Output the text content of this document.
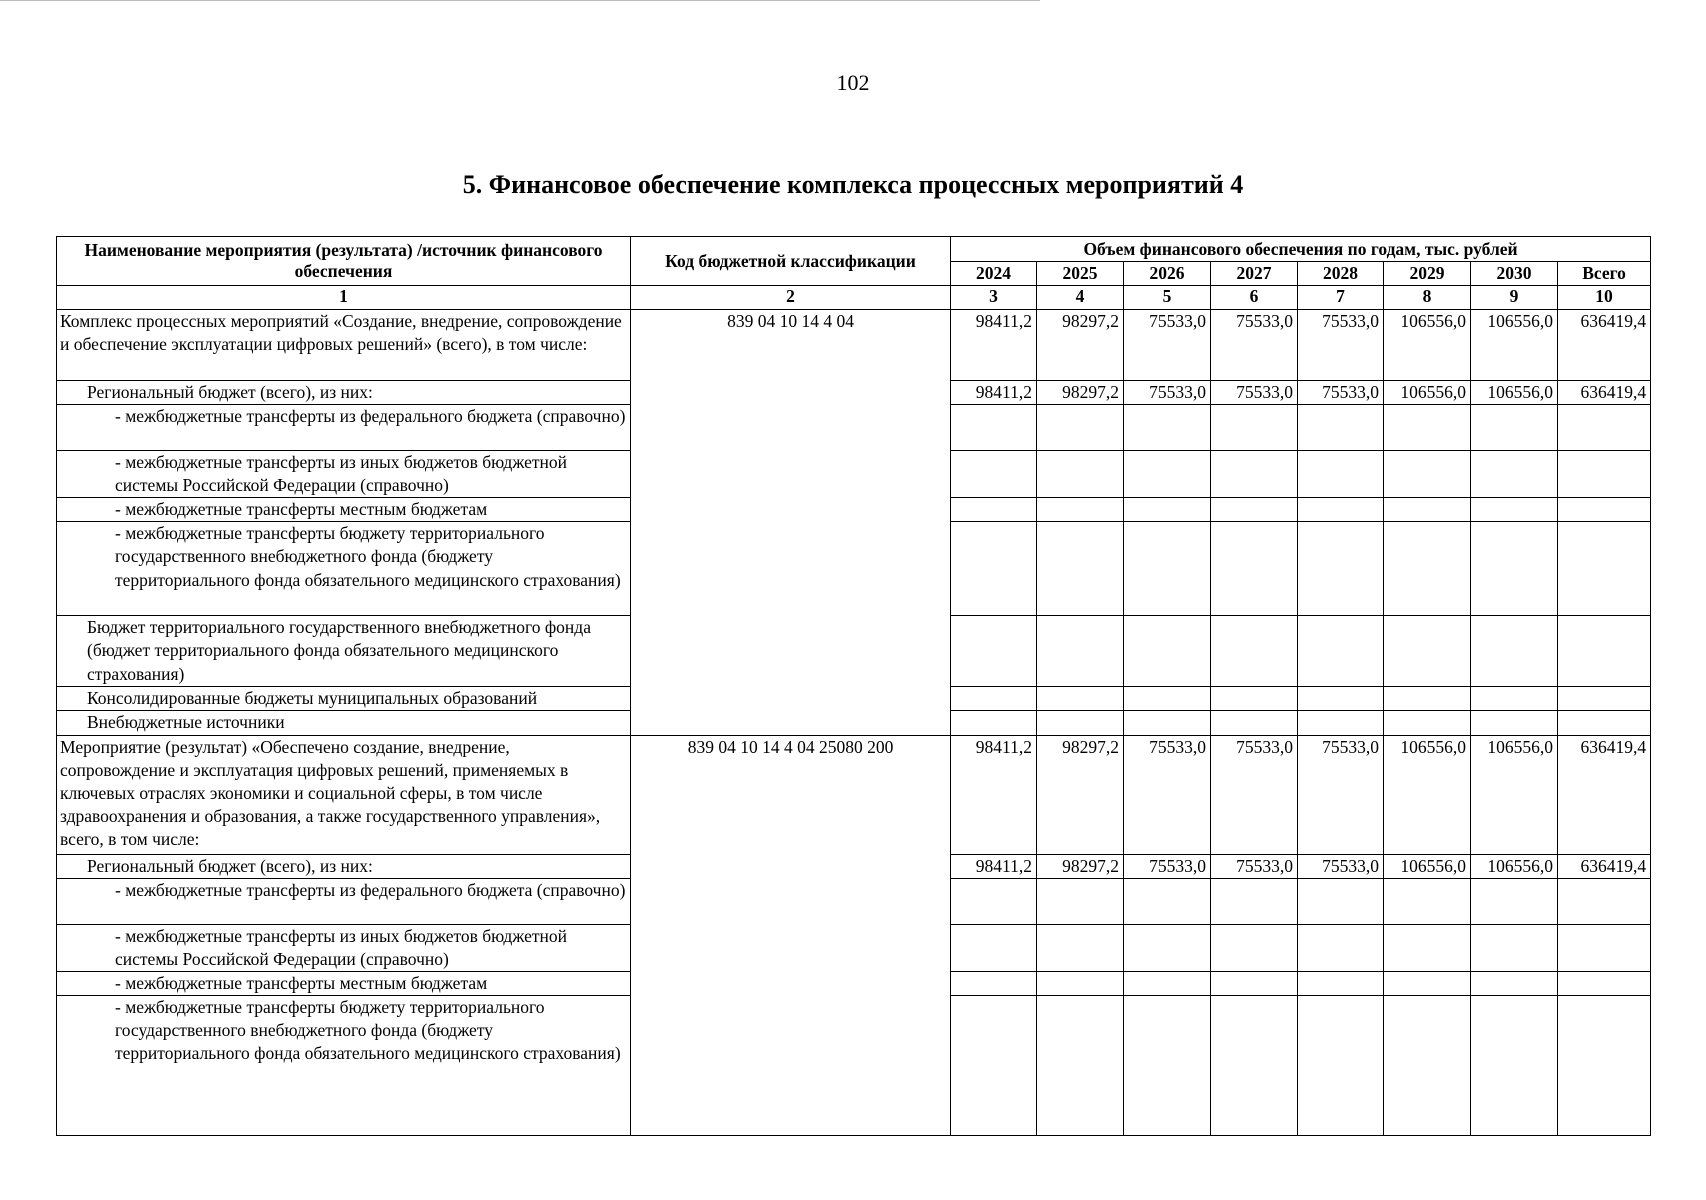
102
5. Финансовое обеспечение комплекса процессных мероприятий 4
Наименование мероприятия (результата) /источник финансового обеспечения	Код бюджетной классификации	Объем финансового обеспечения по годам, тыс. рублей							
		2024	2025	2026	2027	2028	2029	2030	Всего
1	2	3	4	5	6	7	8	9	10
Комплекс процессных мероприятий «Создание, внедрение, сопровождение и обеспечение эксплуатации цифровых решений» (всего), в том числе:	839 04 10 14 4 04	98411,2	98297,2	75533,0	75533,0	75533,0	106556,0	106556,0	636419,4
Региональный бюджет (всего), из них:		98411,2	98297,2	75533,0	75533,0	75533,0	106556,0	106556,0	636419,4
- межбюджетные трансферты из федерального бюджета (справочно)									
- межбюджетные трансферты из иных бюджетов бюджетной системы Российской Федерации (справочно)									
- межбюджетные трансферты местным бюджетам									
- межбюджетные трансферты бюджету территориального государственного внебюджетного фонда (бюджету территориального фонда обязательного медицинского страхования)									
Бюджет территориального государственного внебюджетного фонда (бюджет территориального фонда обязательного медицинского страхования)									
Консолидированные бюджеты муниципальных образований									
Внебюджетные источники									
Мероприятие (результат) «Обеспечено создание, внедрение, сопровождение и эксплуатация цифровых решений, применяемых в ключевых отраслях экономики и социальной сферы, в том числе здравоохранения и образования, а также государственного управления», всего, в том числе:	839 04 10 14 4 04 25080 200	98411,2	98297,2	75533,0	75533,0	75533,0	106556,0	106556,0	636419,4
Региональный бюджет (всего), из них:		98411,2	98297,2	75533,0	75533,0	75533,0	106556,0	106556,0	636419,4
- межбюджетные трансферты из федерального бюджета (справочно)									
- межбюджетные трансферты из иных бюджетов бюджетной системы Российской Федерации (справочно)									
- межбюджетные трансферты местным бюджетам									
- межбюджетные трансферты бюджету территориального государственного внебюджетного фонда (бюджету территориального фонда обязательного медицинского страхования)									
